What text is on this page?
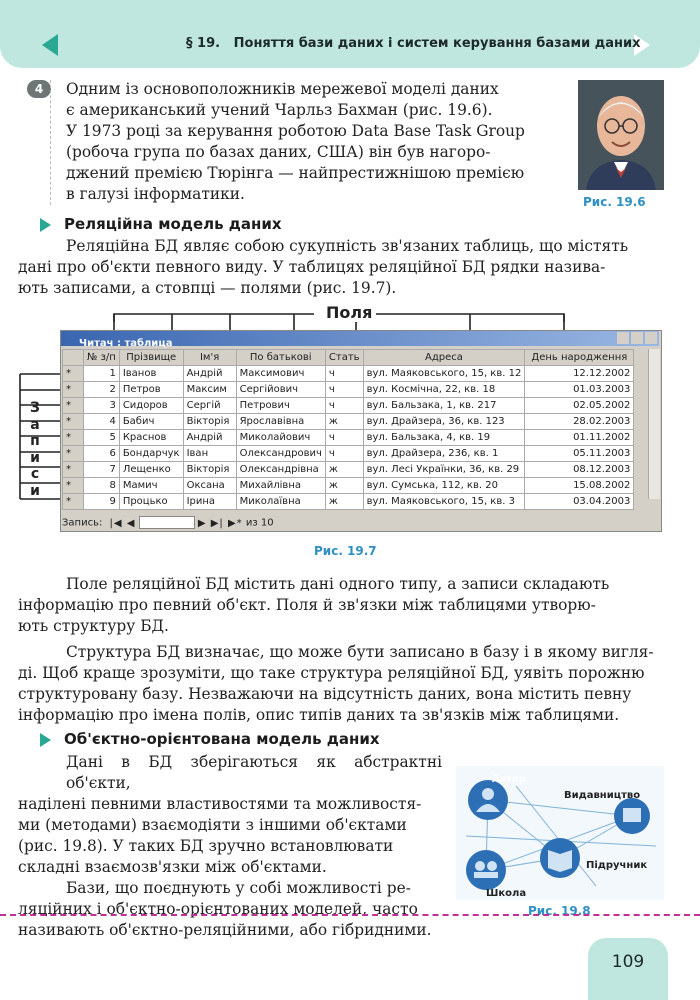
§ 19. Поняття бази даних і систем керування базами даних
4	Одним із основоположників мережевої моделі даних
є американський учений Чарльз Бахман (рис. 19.6).
У 1973 році за керування роботою Data Base Task Group
(робоча група по базах даних, США) він був нагоро-
джений премією Тюрінга — найпрестижнішою премією
в галузі інформатики.	Рис. 19.6
Реляційна модель даних
Реляційна БД являє собою сукупність зв'язаних таблиць, що містять
дані про об'єкти певного виду. У таблицях реляційної БД рядки назива-
ють записами, а стовпці — полями (рис. 19.7).
Поля
З
а
п
и
с
и
Читач : таблица
	№ з/п	Прізвище	Ім'я	По батькові	Стать	Адреса	День народження
*	1	Іванов	Андрій	Максимович	ч	вул. Маяковського, 15, кв. 12	12.12.2002
*	2	Петров	Максим	Сергійович	ч	вул. Космічна, 22, кв. 18	01.03.2003
*	3	Сидоров	Сергій	Петрович	ч	вул. Бальзака, 1, кв. 217	02.05.2002
*	4	Бабич	Вікторія	Ярославівна	ж	вул. Драйзера, 36, кв. 123	28.02.2003
*	5	Краснов	Андрій	Миколайович	ч	вул. Бальзака, 4, кв. 19	01.11.2002
*	6	Бондарчук	Іван	Олександрович	ч	вул. Драйзера, 236, кв. 1	05.11.2003
*	7	Лещенко	Вікторія	Олександрівна	ж	вул. Лесі Українки, 36, кв. 29	08.12.2003
*	8	Мамич	Оксана	Михайлівна	ж	вул. Сумська, 112, кв. 20	15.08.2002
*	9	Процько	Ірина	Миколаївна	ж	вул. Маяковського, 15, кв. 3	03.04.2003
Запись: |◀ ◀	▶ ▶| ▶* из 10
Рис. 19.7
Поле реляційної БД містить дані одного типу, а записи складають
інформацію про певний об'єкт. Поля й зв'язки між таблицями утворю-
ють структуру БД.
Структура БД визначає, що може бути записано в базу і в якому вигля-
ді. Щоб краще зрозуміти, що таке структура реляційної БД, уявіть порожню
структуровану базу. Незважаючи на відсутність даних, вона містить певну
інформацію про імена полів, опис типів даних та зв'язків між таблицями.
Об'єктно-орієнтована модель даних
Дані в БД зберігаються як абстрактні об'єкти,
наділені певними властивостями та можливостя-
ми (методами) взаємодіяти з іншими об'єктами
(рис. 19.8). У таких БД зручно встановлювати
складні взаємозв'язки між об'єктами.
Бази, що поєднують у собі можливості ре-
ляційних і об'єктно-орієнтованих моделей, часто
називають об'єктно-реляційними, або гібридними.
Автор
Видавництво
Підручник
Школа
Рис. 19.8
109
